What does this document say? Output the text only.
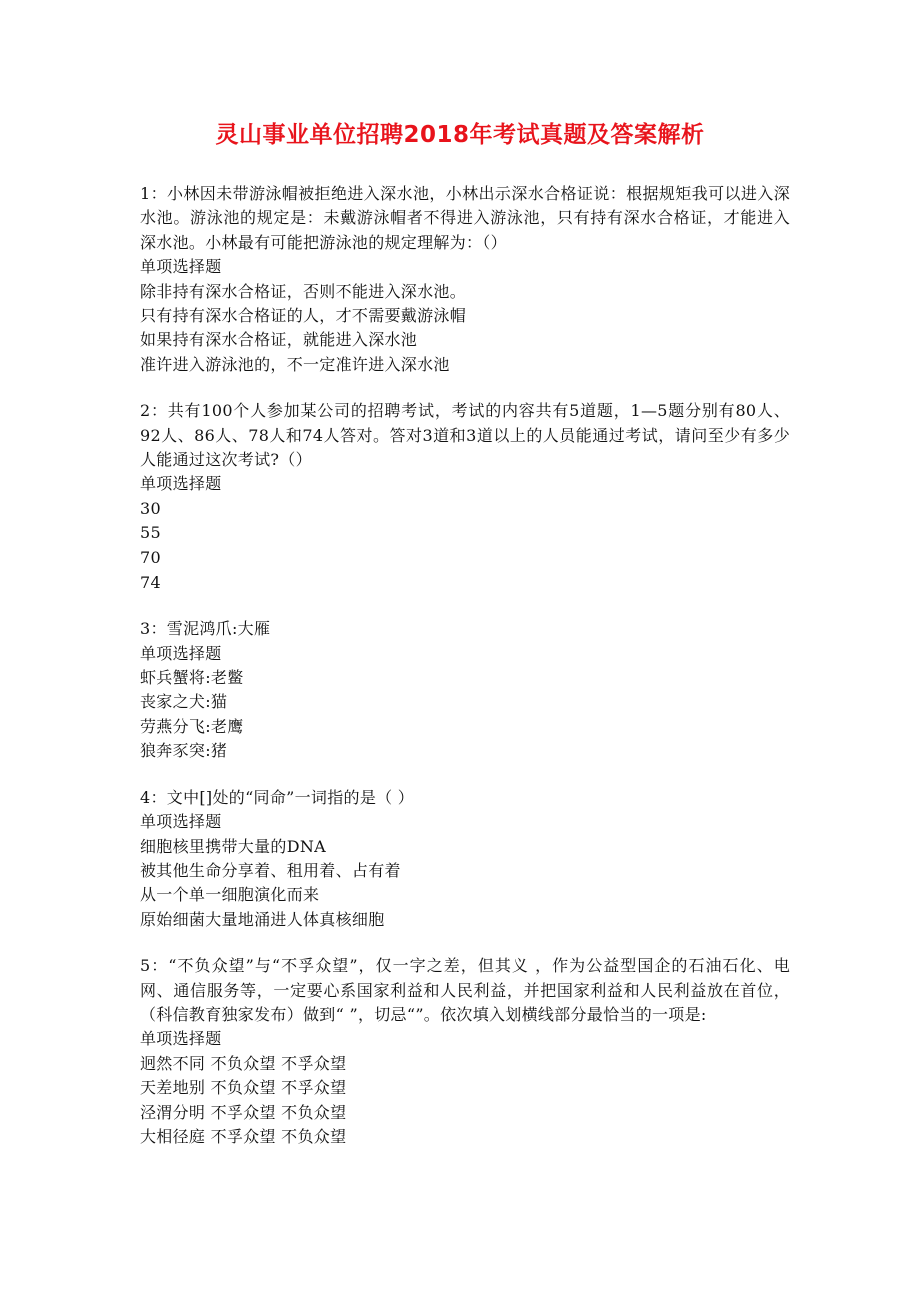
灵山事业单位招聘2018年考试真题及答案解析
1：小林因未带游泳帽被拒绝进入深水池，小林出示深水合格证说：根据规矩我可以进入深水池。游泳池的规定是：未戴游泳帽者不得进入游泳池，只有持有深水合格证，才能进入深水池。小林最有可能把游泳池的规定理解为：（）
单项选择题
除非持有深水合格证，否则不能进入深水池。
只有持有深水合格证的人，才不需要戴游泳帽
如果持有深水合格证，就能进入深水池
准许进入游泳池的，不一定准许进入深水池
2：共有100个人参加某公司的招聘考试，考试的内容共有5道题，1—5题分别有80人、92人、86人、78人和74人答对。答对3道和3道以上的人员能通过考试，请问至少有多少人能通过这次考试?（）
单项选择题
30
55
70
74
3：雪泥鸿爪:大雁
单项选择题
虾兵蟹将:老鳖
丧家之犬:猫
劳燕分飞:老鹰
狼奔豕突:猪
4：文中[]处的“同命”一词指的是（ ）
单项选择题
细胞核里携带大量的DNA
被其他生命分享着、租用着、占有着
从一个单一细胞演化而来
原始细菌大量地涌进人体真核细胞
5：“不负众望”与“不孚众望”，仅一字之差，但其义 ，作为公益型国企的石油石化、电网、通信服务等，一定要心系国家利益和人民利益，并把国家利益和人民利益放在首位，（科信教育独家发布）做到“ ”，切忌“”。依次填入划横线部分最恰当的一项是:
单项选择题
迥然不同 不负众望 不孚众望
天差地别 不负众望 不孚众望
泾渭分明 不孚众望 不负众望
大相径庭 不孚众望 不负众望
